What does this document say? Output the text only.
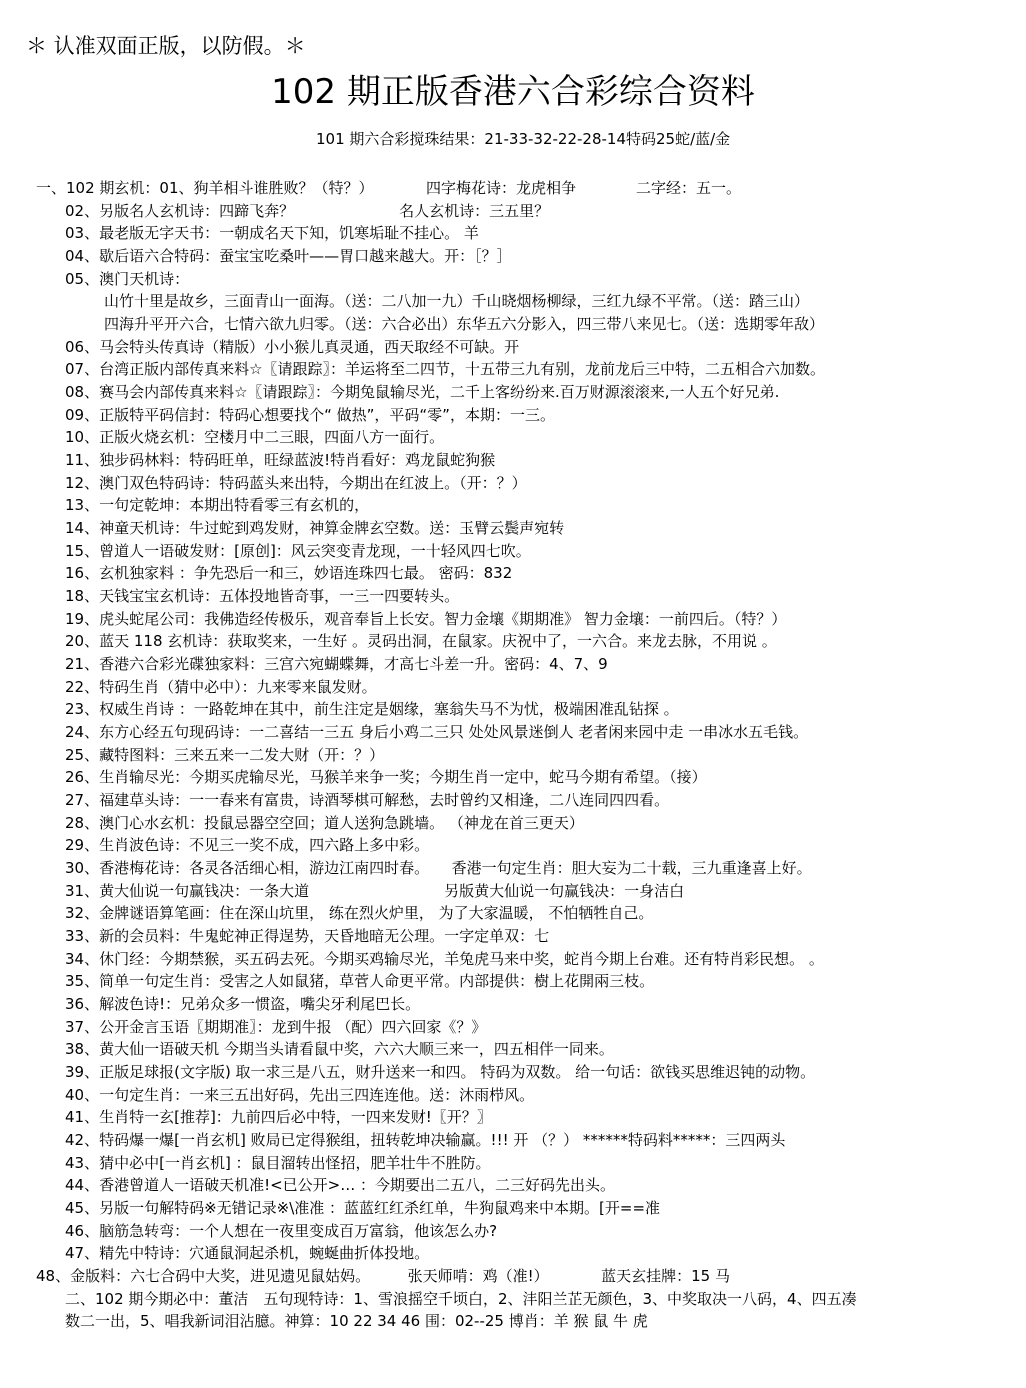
＊ 认准双面正版，以防假。＊
102 期正版香港六合彩综合资料
101 期六合彩搅珠结果：21-33-32-22-28-14特码25蛇/蓝/金
一、102 期玄机：01、狗羊相斗谁胜败？（特？）　　　　四字梅花诗：龙虎相争　　　　二字经：五一。
02、另版名人玄机诗：四蹄飞奔？　　　　　　　名人玄机诗：三五里？
03、最老版无字天书：一朝成名天下知，饥寒垢耻不挂心。 羊
04、歇后语六合特码：蚕宝宝吃桑叶——胃口越来越大。开：［？］
05、澳门天机诗：
山竹十里是故乡，三面青山一面海。（送：二八加一九）千山晓烟杨柳绿，三红九绿不平常。（送：踏三山）
四海升平开六合，七情六欲九归零。（送：六合必出）东华五六分影入，四三带八来见七。（送：选期零年敌）
06、马会特头传真诗（精版）小小猴儿真灵通，西天取经不可缺。开
07、台湾正版内部传真来料☆〖请跟踪〗：羊运将至二四节，十五带三九有别，龙前龙后三中特，二五相合六加数。
08、赛马会内部传真来料☆〖请跟踪〗：今期兔鼠输尽光，二千上客纷纷来.百万财源滚滚来,一人五个好兄弟.
09、正版特平码信封：特码心想要找个“ 做热”，平码“零”，本期：一三。
10、正版火烧玄机：空楼月中二三眼，四面八方一面行。
11、独步码林料：特码旺单，旺绿蓝波!特肖看好：鸡龙鼠蛇狗猴
12、澳门双色特码诗：特码蓝头来出特，今期出在红波上。（开：？）
13、一句定乾坤：本期出特看零三有玄机的，
14、神童天机诗：牛过蛇到鸡发财，神算金牌玄空数。送：玉臂云鬓声宛转
15、曾道人一语破发财：[原创]：风云突变青龙现，一十轻风四七吹。
16、玄机独家料 ：争先恐后一和三，妙语连珠四七最。 密码：832
18、天钱宝宝玄机诗：五体投地皆奇事，一三一四要转头。
19、虎头蛇尾公司：我佛造经传极乐，观音奉旨上长安。智力金壤《期期准》 智力金壤：一前四后。（特？）
20、蓝天 118 玄机诗：获取奖来，一生好 。灵码出洞，在鼠家。庆祝中了，一六合。来龙去脉，不用说 。
21、香港六合彩光碟独家料：三宫六宛蝴蝶舞，才高七斗差一升。密码：4、7、9
22、特码生肖（猜中必中）：九来零来鼠发财。
23、权威生肖诗 ：一路乾坤在其中，前生注定是姻缘，塞翁失马不为忧，极端困准乱钻探 。
24、东方心经五句现码诗：一二喜结一三五 身后小鸡二三只 处处风景迷倒人 老者闲来园中走 一串冰水五毛钱。
25、藏特图料：三来五来一二发大财（开：？）
26、生肖输尽光：今期买虎输尽光，马猴羊来争一奖；今期生肖一定中，蛇马今期有希望。（接）
27、福建草头诗：一一春来有富贵，诗酒琴棋可解愁，去时曾约又相逢，二八连同四四看。
28、澳门心水玄机：投鼠忌器空空回；道人送狗急跳墙。 （神龙在首三更天）
29、生肖波色诗：不见三一奖不成，四六路上多中彩。
30、香港梅花诗：各灵各活细心相，游边江南四时春。　　香港一句定生肖：胆大妄为二十载，三九重逢喜上好。
31、黄大仙说一句赢钱决：一条大道　　　　　　　　　另版黄大仙说一句赢钱决：一身洁白
32、金牌谜语算笔画：住在深山坑里， 练在烈火炉里， 为了大家温暖， 不怕牺牲自己。
33、新的会员料：牛鬼蛇神正得逞势，天昏地暗无公理。一字定单双：七
34、休门经：今期禁猴，买五码去死。今期买鸡输尽光，羊兔虎马来中奖，蛇肖今期上台难。还有特肖彩民想。 。
35、简单一句定生肖：受害之人如鼠猪，草菅人命更平常。内部提供：樹上花開兩三枝。
36、解波色诗!：兄弟众多一惯盗，嘴尖牙利尾巴长。
37、公开金言玉语〖期期准〗：龙到牛报 （配）四六回家《？》
38、黄大仙一语破天机 今期当头请看鼠中奖，六六大顺三来一，四五相伴一同来。
39、正版足球报(文字版) 取一求三是八五，财升送来一和四。 特码为双数。 给一句话：欲钱买思维迟钝的动物。
40、一句定生肖：一来三五出好码，先出三四连连他。送：沐雨栉风。
41、生肖特一玄[推荐]：九前四后必中特，一四来发财!〖开？〗
42、特码爆一爆[一肖玄机] 败局已定得猴组，扭转乾坤决输赢。!!! 开 （？） ******特码料*****：三四两头
43、猜中必中[一肖玄机] ：鼠目溜转出怪招，肥羊壮牛不胜防。
44、香港曾道人一语破天机准!<已公开>… ：今期要出二五八，二三好码先出头。
45、另版一句解特码※无错记录※\准准 ：蓝蓝红红杀红单，牛狗鼠鸡来中本期。[开==准
46、脑筋急转弯：一个人想在一夜里变成百万富翁，他该怎么办?
47、精先中特诗：穴通鼠洞起杀机，蜿蜒曲折体投地。
48、金版料：六七合码中大奖，进见遗见鼠姑妈。　　　张天师啃：鸡（准!）　　　　蓝天玄挂牌：15 马
二、102 期今期必中：董洁　五句现特诗：1、雪浪摇空千顷白，2、沣阳兰芷无颜色，3、中奖取决一八码，4、四五凑
数二一出，5、唱我新词泪沾臆。神算：10 22 34 46 围：02--25 博肖：羊 猴 鼠 牛 虎
